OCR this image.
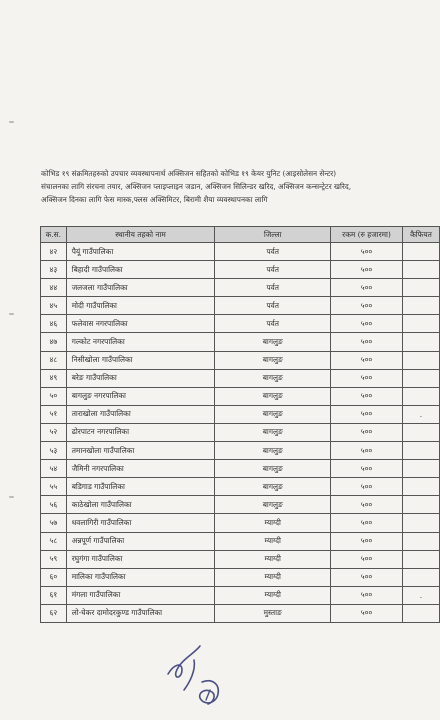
कोभिड १९ संक्रमितहरुको उपचार व्यवस्थापनार्थ अक्सिजन सहितको कोभिड १९ केयर युनिट (आइसोलेसन सेन्टर)
संचालनका लागि संरचना तयार, अक्सिजन प्लाइप्लाइन जडान, अक्सिजन सिलिन्डर खरिद, अक्सिजन कन्सन्ट्रेटर खरिद,
अक्सिजन दिनका लागि फेस मास्क,फ्लस अक्सिमिटर, बिरामी शैया व्यवस्थापनका लागि
क.स.	स्थानीय तहको नाम	जिल्ला	रकम (रु हजारमा)	कैफियत
४२	पैयूं गाउँपालिका	पर्वत	५००	
४३	बिहादी गाउँपालिका	पर्वत	५००	
४४	जलजला गाउँपालिका	पर्वत	५००	
४५	मोदी गाउँपालिका	पर्वत	५००	
४६	फलेवास नगरपालिका	पर्वत	५००	
४७	गल्कोट नगरपालिका	बागलुङ	५००	
४८	निसीखोला गाउँपालिका	बागलुङ	५००	
४९	बरेङ गाउँपालिका	बागलुङ	५००	
५०	बागलुङ नगरपालिका	बागलुङ	५००	
५१	ताराखोला गाउँपालिका	बागलुङ	५००	.
५२	ढोरपाटन नगरपालिका	बागलुङ	५००	
५३	तमानखोला गाउँपालिका	बागलुङ	५००	
५४	जैमिनी नगरपालिका	बागलुङ	५००	
५५	बडिगाड गाउँपालिका	बागलुङ	५००	
५६	काठेखोला गाउँपालिका	बागलुङ	५००	
५७	धवलागिरी गाउँपालिका	म्याग्दी	५००	
५८	अन्नपूर्ण गाउँपालिका	म्याग्दी	५००	
५९	रघुगंगा गाउँपालिका	म्याग्दी	५००	
६०	मालिका गाउँपालिका	म्याग्दी	५००	
६१	मंगला गाउँपालिका	म्याग्दी	५००	.
६२	लो-घेकर दामोदरकुण्ड गाउँपालिका	मुस्ताङ	५००	
